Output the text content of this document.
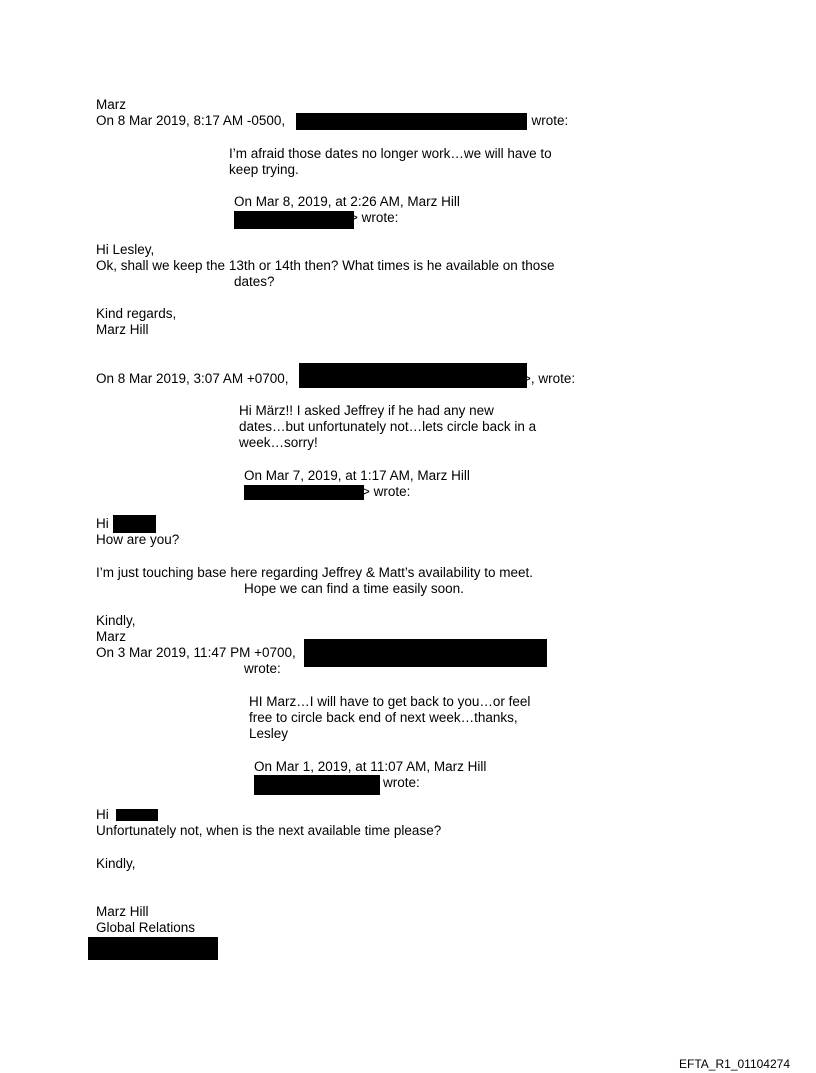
Marz

On 8 Mar 2019, 8:17 AM -0500,	, wrote:

I’m afraid those dates no longer work…we will have to

keep trying.

On Mar 8, 2019, at 2:26 AM, Marz Hill

> wrote:

Hi Lesley,

Ok, shall we keep the 13th or 14th then? What times is he available on those

dates?

Kind regards,

Marz Hill

On 8 Mar 2019, 3:07 AM +0700,	>, wrote:

Hi März!! I asked Jeffrey if he had any new

dates…but unfortunately not…lets circle back in a

week…sorry!

On Mar 7, 2019, at 1:17 AM, Marz Hill

> wrote:

Hi

How are you?

I’m just touching base here regarding Jeffrey & Matt’s availability to meet.

Hope we can find a time easily soon.

Kindly,

Marz

On 3 Mar 2019, 11:47 PM +0700,

wrote:

HI Marz…I will have to get back to you…or feel

free to circle back end of next week…thanks,

Lesley

On Mar 1, 2019, at 11:07 AM, Marz Hill

wrote:

Hi

Unfortunately not, when is the next available time please?

Kindly,

Marz Hill

Global Relations

EFTA_R1_01104274
